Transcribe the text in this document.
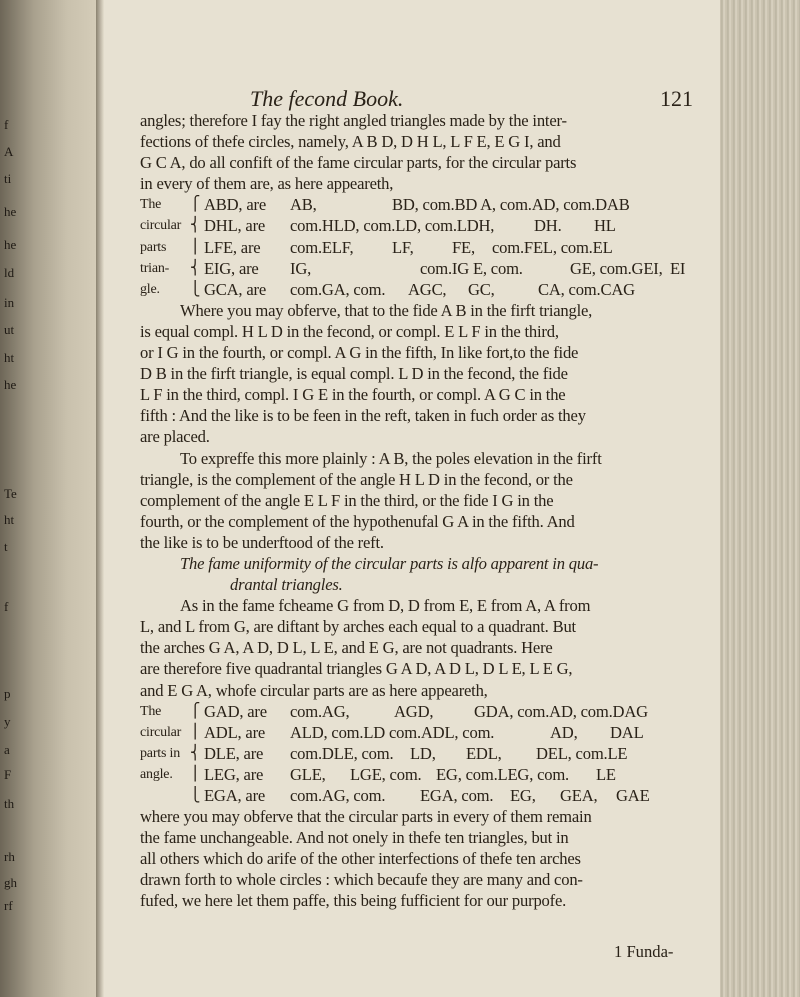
f
A
ti
he
he
ld
in
ut
ht
he
Te
ht
t
f
p
y
a
F
th
rh
gh
rf
The fecond Book.	121

angles; therefore I fay the right angled triangles made by the inter-

fections of thefe circles, namely, A B D, D H L, L F E, E G I, and

G C A, do all confift of the fame circular parts, for the circular parts

in every of them are, as here appeareth,

The	⎧ ABD, are	AB,	BD, com.BD A, com.AD, com.DAB
circular ⎨ DHL, are	com.HLD, com.LD, com.LDH,	DH.	HL
parts	⎪ LFE, are	com.ELF,	LF,	FE,	com.FEL, com.EL
trian-	⎨ EIG, are	IG,	com.IG E, com.	GE, com.GEI, EI
gle.	⎩ GCA, are	com.GA, com.	AGC,	GC,	CA, com.CAG

Where you may obferve, that to the fide A B in the firft triangle,

is equal compl. H L D in the fecond, or compl. E L F in the third,

or I G in the fourth, or compl. A G in the fifth, In like fort,to the fide

D B in the firft triangle, is equal compl. L D in the fecond, the fide

L F in the third, compl. I G E in the fourth, or compl. A G C in the

fifth : And the like is to be feen in the reft, taken in fuch order as they

are placed.

To expreffe this more plainly : A B, the poles elevation in the firft

triangle, is the complement of the angle H L D in the fecond, or the

complement of the angle E L F in the third, or the fide I G in the

fourth, or the complement of the hypothenufal G A in the fifth. And

the like is to be underftood of the reft.

The fame uniformity of the circular parts is alfo apparent in qua-

drantal triangles.

As in the fame fcheame G from D, D from E, E from A, A from

L, and L from G, are diftant by arches each equal to a quadrant. But

the arches G A, A D, D L, L E, and E G, are not quadrants. Here

are therefore five quadrantal triangles G A D, A D L, D L E, L E G,

and E G A, whofe circular parts are as here appeareth,

The	⎧ GAD, are	com.AG,	AGD,	GDA, com.AD, com.DAG
circular ⎪ ADL, are	ALD, com.LD com.ADL, com.	AD,	DAL
parts in ⎨ DLE, are	com.DLE, com.	LD,	EDL,	DEL, com.LE
angle.	⎪ LEG, are	GLE,	LGE, com. EG, com.LEG, com.	LE
⎩ EGA, are	com.AG, com.	EGA, com.	EG,	GEA,	GAE

where you may obferve that the circular parts in every of them remain

the fame unchangeable. And not onely in thefe ten triangles, but in

all others which do arife of the other interfections of thefe ten arches

drawn forth to whole circles : which becaufe they are many and con-

fufed, we here let them paffe, this being fufficient for our purpofe.

1 Funda-
